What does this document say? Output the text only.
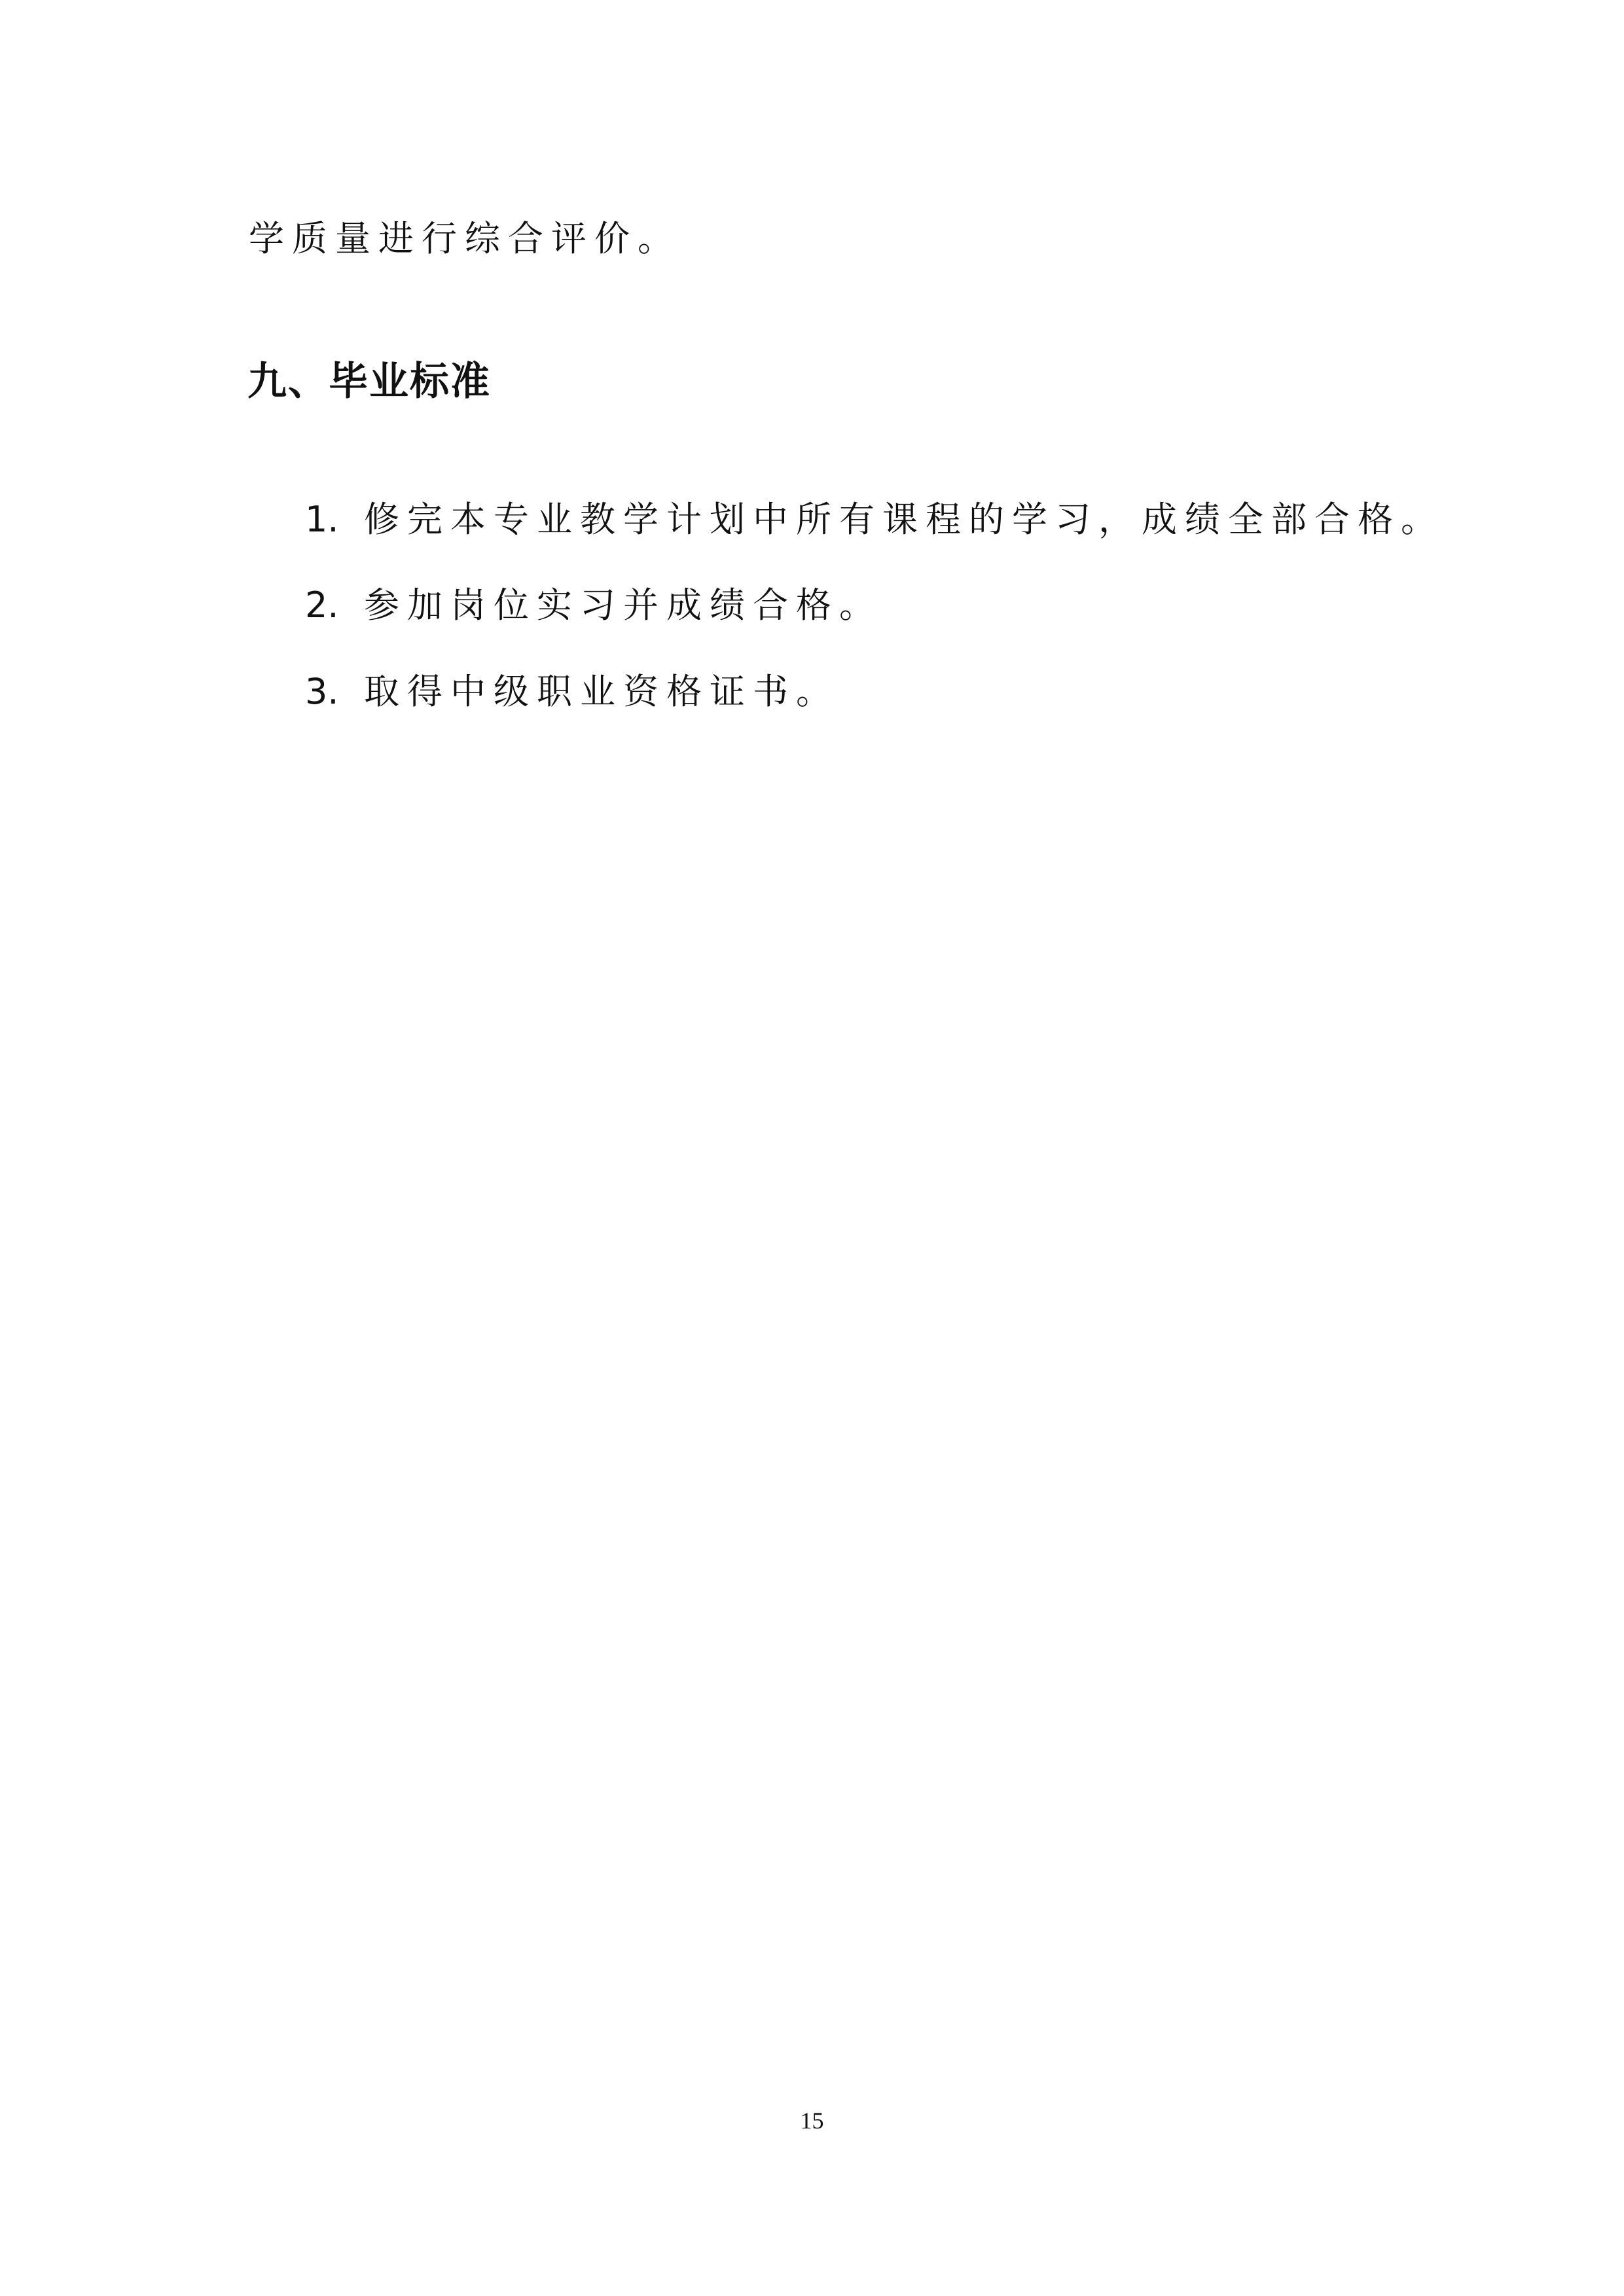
学质量进行综合评价。
九、毕业标准
1. 修完本专业教学计划中所有课程的学习，成绩全部合格。
2. 参加岗位实习并成绩合格。
3. 取得中级职业资格证书。
15
